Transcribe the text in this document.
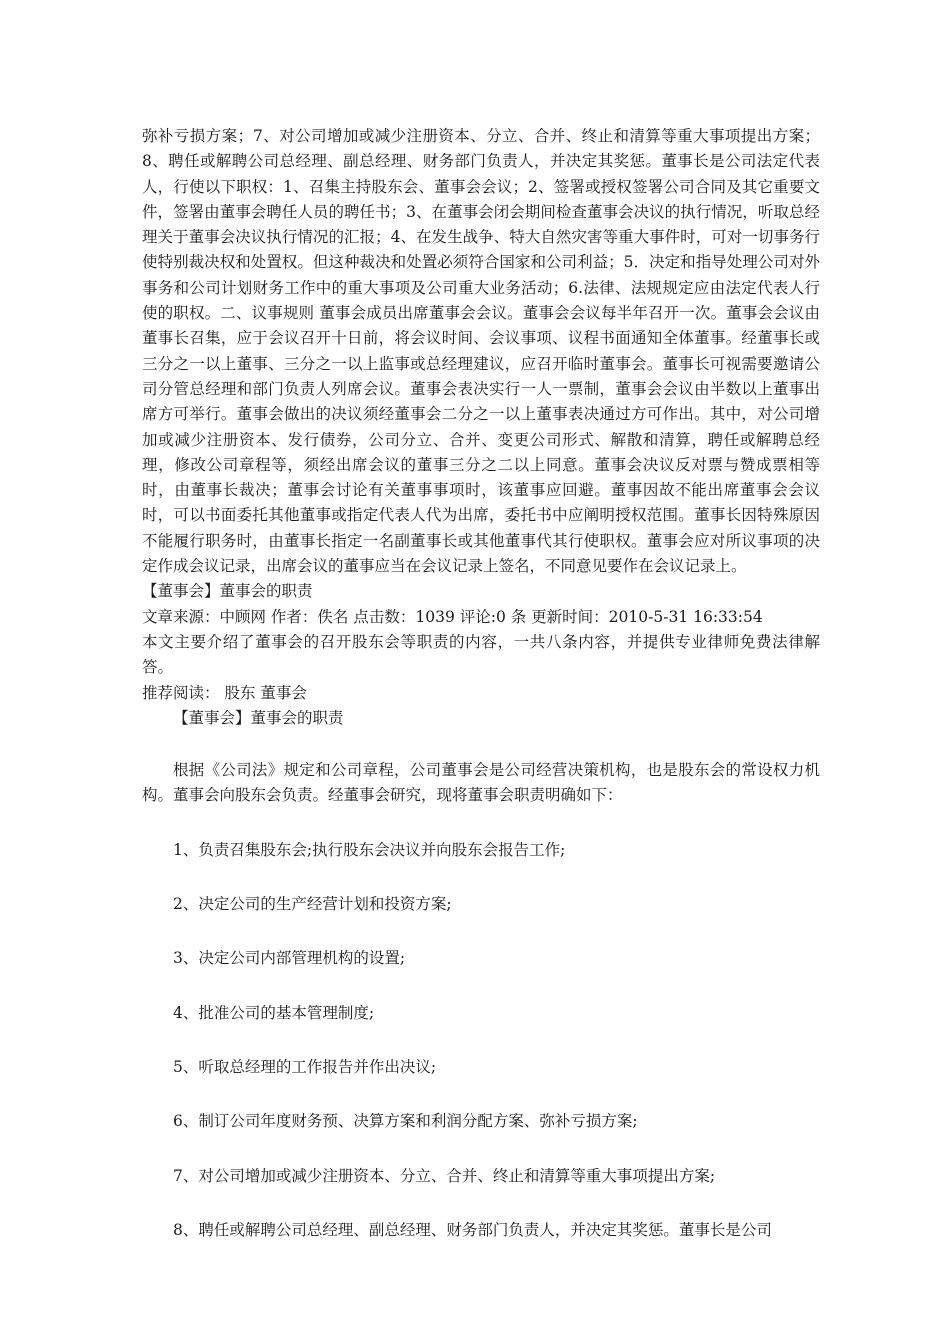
弥补亏损方案；7、对公司增加或减少注册资本、分立、合并、终止和清算等重大事项提出方案；8、聘任或解聘公司总经理、副总经理、财务部门负责人，并决定其奖惩。董事长是公司法定代表人，行使以下职权：1、召集主持股东会、董事会会议；2、签署或授权签署公司合同及其它重要文件，签署由董事会聘任人员的聘任书；3、在董事会闭会期间检查董事会决议的执行情况，听取总经理关于董事会决议执行情况的汇报；4、在发生战争、特大自然灾害等重大事件时，可对一切事务行使特别裁决权和处置权。但这种裁决和处置必须符合国家和公司利益；5．决定和指导处理公司对外事务和公司计划财务工作中的重大事项及公司重大业务活动；6.法律、法规规定应由法定代表人行使的职权。二、议事规则 董事会成员出席董事会会议。董事会会议每半年召开一次。董事会会议由董事长召集，应于会议召开十日前，将会议时间、会议事项、议程书面通知全体董事。经董事长或三分之一以上董事、三分之一以上监事或总经理建议，应召开临时董事会。董事长可视需要邀请公司分管总经理和部门负责人列席会议。董事会表决实行一人一票制，董事会会议由半数以上董事出席方可举行。董事会做出的决议须经董事会二分之一以上董事表决通过方可作出。其中，对公司增加或减少注册资本、发行债券，公司分立、合并、变更公司形式、解散和清算，聘任或解聘总经理，修改公司章程等，须经出席会议的董事三分之二以上同意。董事会决议反对票与赞成票相等时，由董事长裁决；董事会讨论有关董事事项时，该董事应回避。董事因故不能出席董事会会议时，可以书面委托其他董事或指定代表人代为出席，委托书中应阐明授权范围。董事长因特殊原因不能履行职务时，由董事长指定一名副董事长或其他董事代其行使职权。董事会应对所议事项的决定作成会议记录，出席会议的董事应当在会议记录上签名，不同意见要作在会议记录上。

【董事会】董事会的职责

文章来源：中顾网 作者：佚名 点击数：1039 评论:0 条 更新时间：2010-5-31 16:33:54

本文主要介绍了董事会的召开股东会等职责的内容，一共八条内容，并提供专业律师免费法律解答。

推荐阅读： 股东 董事会

【董事会】董事会的职责

根据《公司法》规定和公司章程，公司董事会是公司经营决策机构，也是股东会的常设权力机构。董事会向股东会负责。经董事会研究，现将董事会职责明确如下：

1、负责召集股东会;执行股东会决议并向股东会报告工作;

2、决定公司的生产经营计划和投资方案;

3、决定公司内部管理机构的设置;

4、批准公司的基本管理制度;

5、听取总经理的工作报告并作出决议;

6、制订公司年度财务预、决算方案和利润分配方案、弥补亏损方案;

7、对公司增加或减少注册资本、分立、合并、终止和清算等重大事项提出方案;

8、聘任或解聘公司总经理、副总经理、财务部门负责人，并决定其奖惩。董事长是公司
